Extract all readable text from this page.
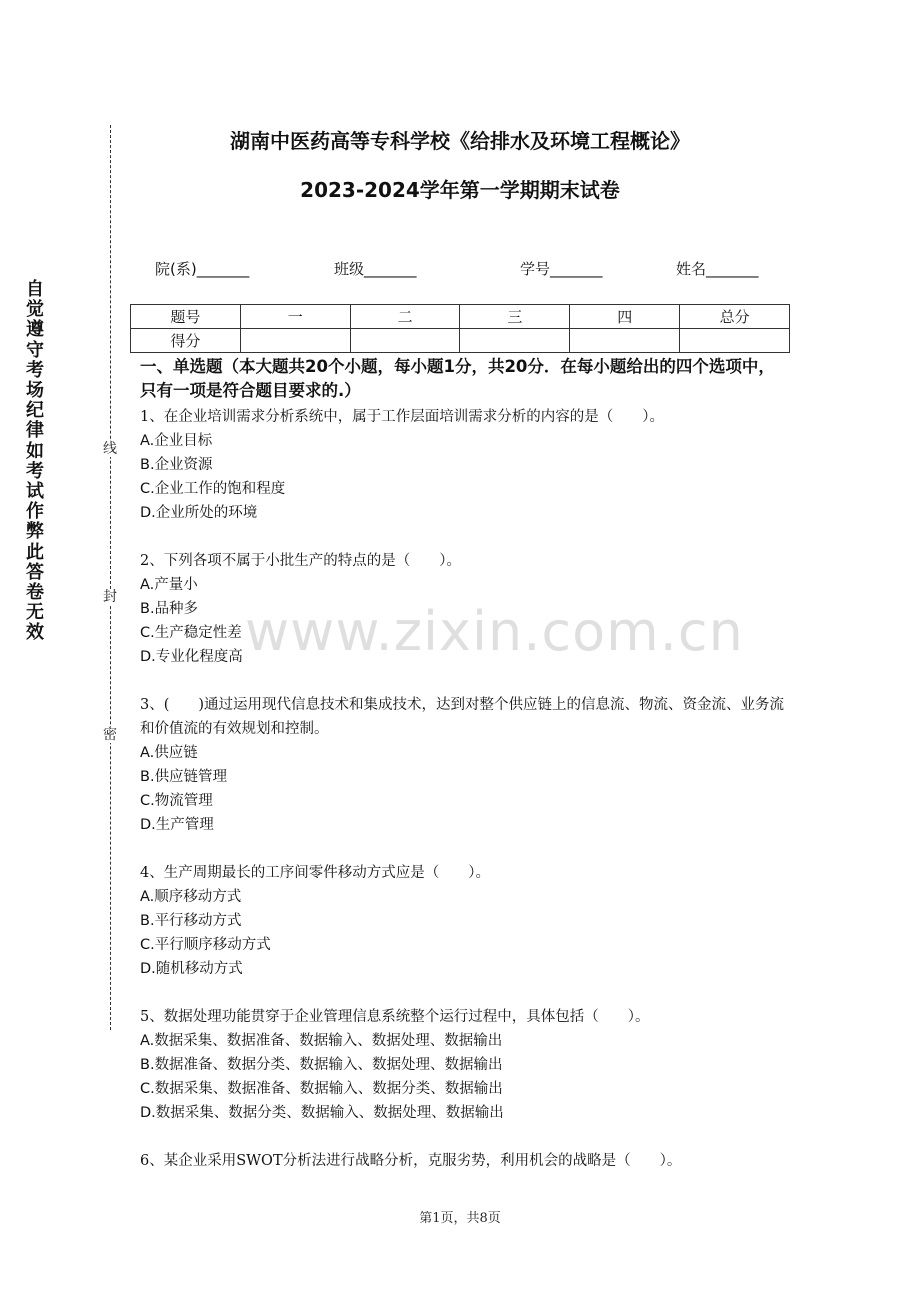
自
觉
遵
守
考
场
纪
律
如
考
试
作
弊
此
答
卷
无
效
线
封
密
www.zixin.com.cn
湖南中医药高等专科学校《给排水及环境工程概论》
2023-2024学年第一学期期末试卷
院(系)_______	班级_______	学号_______	姓名_______
题号	一	二	三	四	总分
得分					
一、单选题（本大题共20个小题，每小题1分，共20分．在每小题给出的四个选项中，只有一项是符合题目要求的.）

1、在企业培训需求分析系统中，属于工作层面培训需求分析的内容的是（　　）。

A.企业目标

B.企业资源

C.企业工作的饱和程度

D.企业所处的环境

2、下列各项不属于小批生产的特点的是（　　）。

A.产量小

B.品种多

C.生产稳定性差

D.专业化程度高

3、(　　)通过运用现代信息技术和集成技术，达到对整个供应链上的信息流、物流、资金流、业务流和价值流的有效规划和控制。

A.供应链

B.供应链管理

C.物流管理

D.生产管理

4、生产周期最长的工序间零件移动方式应是（　　）。

A.顺序移动方式

B.平行移动方式

C.平行顺序移动方式

D.随机移动方式

5、数据处理功能贯穿于企业管理信息系统整个运行过程中，具体包括（　　）。

A.数据采集、数据准备、数据输入、数据处理、数据输出

B.数据准备、数据分类、数据输入、数据处理、数据输出

C.数据采集、数据准备、数据输入、数据分类、数据输出

D.数据采集、数据分类、数据输入、数据处理、数据输出

6、某企业采用SWOT分析法进行战略分析，克服劣势，利用机会的战略是（　　）。

第1页，共8页
